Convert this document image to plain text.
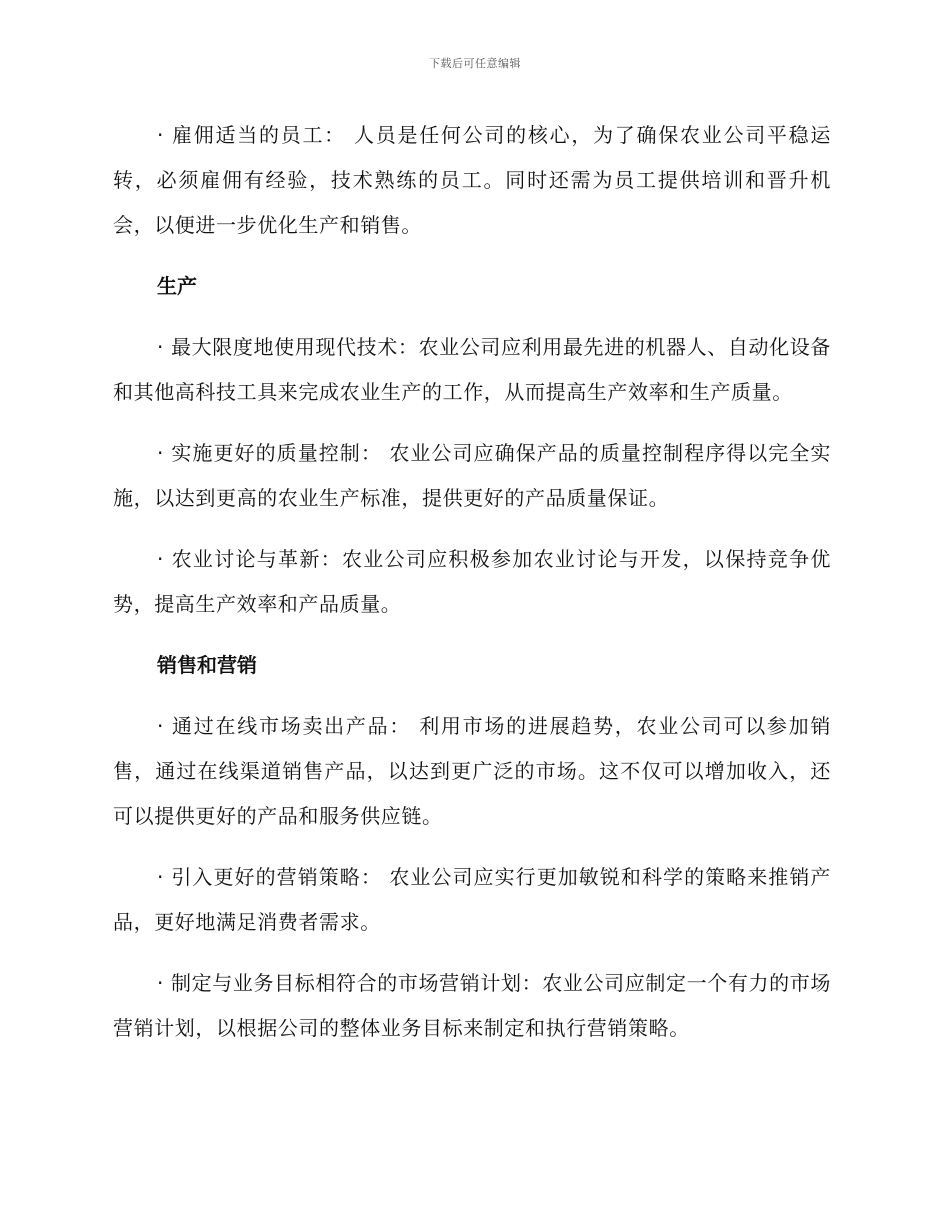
下载后可任意编辑

· 雇佣适当的员工： 人员是任何公司的核心，为了确保农业公司平稳运转，必须雇佣有经验，技术熟练的员工。同时还需为员工提供培训和晋升机会，以便进一步优化生产和销售。

生产

· 最大限度地使用现代技术：农业公司应利用最先进的机器人、自动化设备和其他高科技工具来完成农业生产的工作，从而提高生产效率和生产质量。

· 实施更好的质量控制： 农业公司应确保产品的质量控制程序得以完全实施，以达到更高的农业生产标准，提供更好的产品质量保证。

· 农业讨论与革新：农业公司应积极参加农业讨论与开发，以保持竞争优势，提高生产效率和产品质量。

销售和营销

· 通过在线市场卖出产品： 利用市场的进展趋势，农业公司可以参加销售，通过在线渠道销售产品，以达到更广泛的市场。这不仅可以增加收入，还可以提供更好的产品和服务供应链。

· 引入更好的营销策略： 农业公司应实行更加敏锐和科学的策略来推销产品，更好地满足消费者需求。

· 制定与业务目标相符合的市场营销计划：农业公司应制定一个有力的市场营销计划，以根据公司的整体业务目标来制定和执行营销策略。
